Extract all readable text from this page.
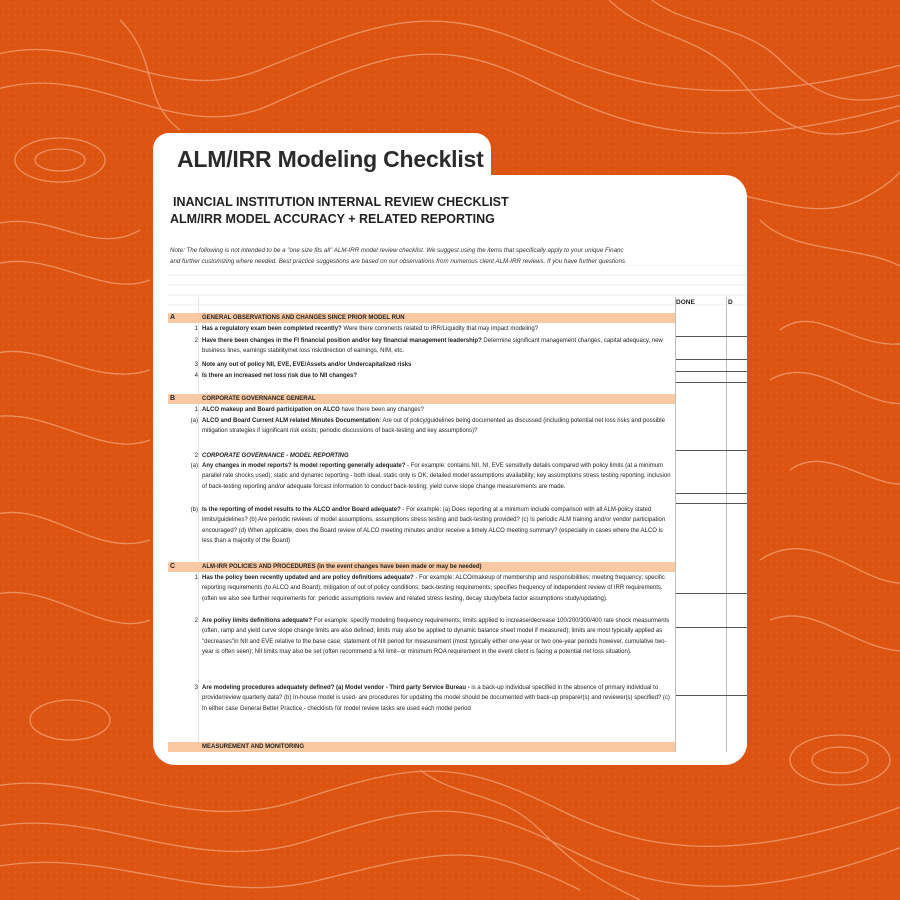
ALM/IRR Modeling Checklist
INANCIAL INSTITUTION INTERNAL REVIEW CHECKLIST
ALM/IRR MODEL ACCURACY + RELATED REPORTING
Note: The following is not intended to be a "one size fits all" ALM-IRR model review checklist. We suggest using the items that specifically apply to your unique Financ
and further customizing where needed. Best practice suggestions are based on our observations from numerous client ALM-IRR reviews. If you have further questions
DONE	D
A	GENERAL OBSERVATIONS AND CHANGES SINCE PRIOR MODEL RUN
1 Has a regulatory exam been completed recently? Were there comments related to IRR/Liquidity that may impact modeling?
2 Have there been changes in the FI financial position and/or key financial management leadership? Determine significant management changes, capital adequacy, new business lines, earnings stability/net loss risk/direction of earnings, NIM, etc.
3 Note any out of policy NII, EVE, EVE/Assets and/or Undercapitalized risks
4 Is there an increased net loss risk due to NII changes?
B	CORPORATE GOVERNANCE GENERAL
1 ALCO makeup and Board participation on ALCO have there been any changes?
(a) ALCO and Board Current ALM related Minutes Documentation: Are out of policy/guidelines being documented as discussed (including potential net loss risks and possible mitigation strategies if significant risk exists; periodic discussions of back-testing and key assumptions)?
2 CORPORATE GOVERNANCE - MODEL REPORTING
(a) Any changes in model reports? Is model reporting generally adequate? - For example: contains NII, NI, EVE sensitivity details compared with policy limits (at a minimum parallel rate shocks used); static and dynamic reporting - both ideal, static only is OK; detailed model assumptions availability; key assumptions stress testing reporting; inclusion of back-testing reporting and/or adequate forcast information to conduct back-testing; yield curve slope change measurements are made.
(b) Is the reporting of model results to the ALCO and/or Board adequate? - For example: (a) Does reporting at a minimum include comparison with all ALM-policy stated limits/guidelines? (b) Are periodic reviews of model assumptions, assumptions stress testing and back-testing provided? (c) Is periodic ALM training and/or vendor participation encouraged? (d) When applicable, does the Board review of ALCO meeting minutes and/or receive a timely ALCO meeting summary? (especially in cases where the ALCO is less than a majority of the Board)
C	ALM-IRR POLICIES AND PROCEDURES (in the event changes have been made or may be needed)
1 Has the policy been recently updated and are policy definitions adequate? - For example: ALCO/makeup of membership and responsibilities; meeting frequency; specific reporting requirements (to ALCO and Board); mitigation of out of policy conditions; back-testing requirements; specifies frequency of independent review of IRR requirements. (often we also see further requirements for: periodic assumptions review and related stress testing, decay study/beta factor assumptions study/updating).
2 Are polivy limits definitions adequate? For example: specify modeling frequency requirements; limits applied to increase/decrease 100/200/300/400 rate shock measurments (often, ramp and yield curve slope change limits are also defined; limits may also be applied to dynamic balance sheet model if measured); limits are most typically applied as "decreases"in NII and EVE relative to the base case; statement of NII period for measurement (most typically either one-year or two one-year periods however, cumulative two-year is often seen); NII limits may also be set (often recommend a NI limit--or minimum ROA requirement in the event client is facing a potential net loss situation).
3 Are modeling procedures adequately defined? (a) Model vendor - Third party Service Bureau - is a back-up individual specified in the absence of primary individual to provide/review quarterly data? (b) In-house model is used- are procedures for updating the model should be documented with back-up preparer(s) and reviewer(s) specified? (c) In either case General Better Practice - checklists for model review tasks are used each model period
MEASUREMENT AND MONITORING
